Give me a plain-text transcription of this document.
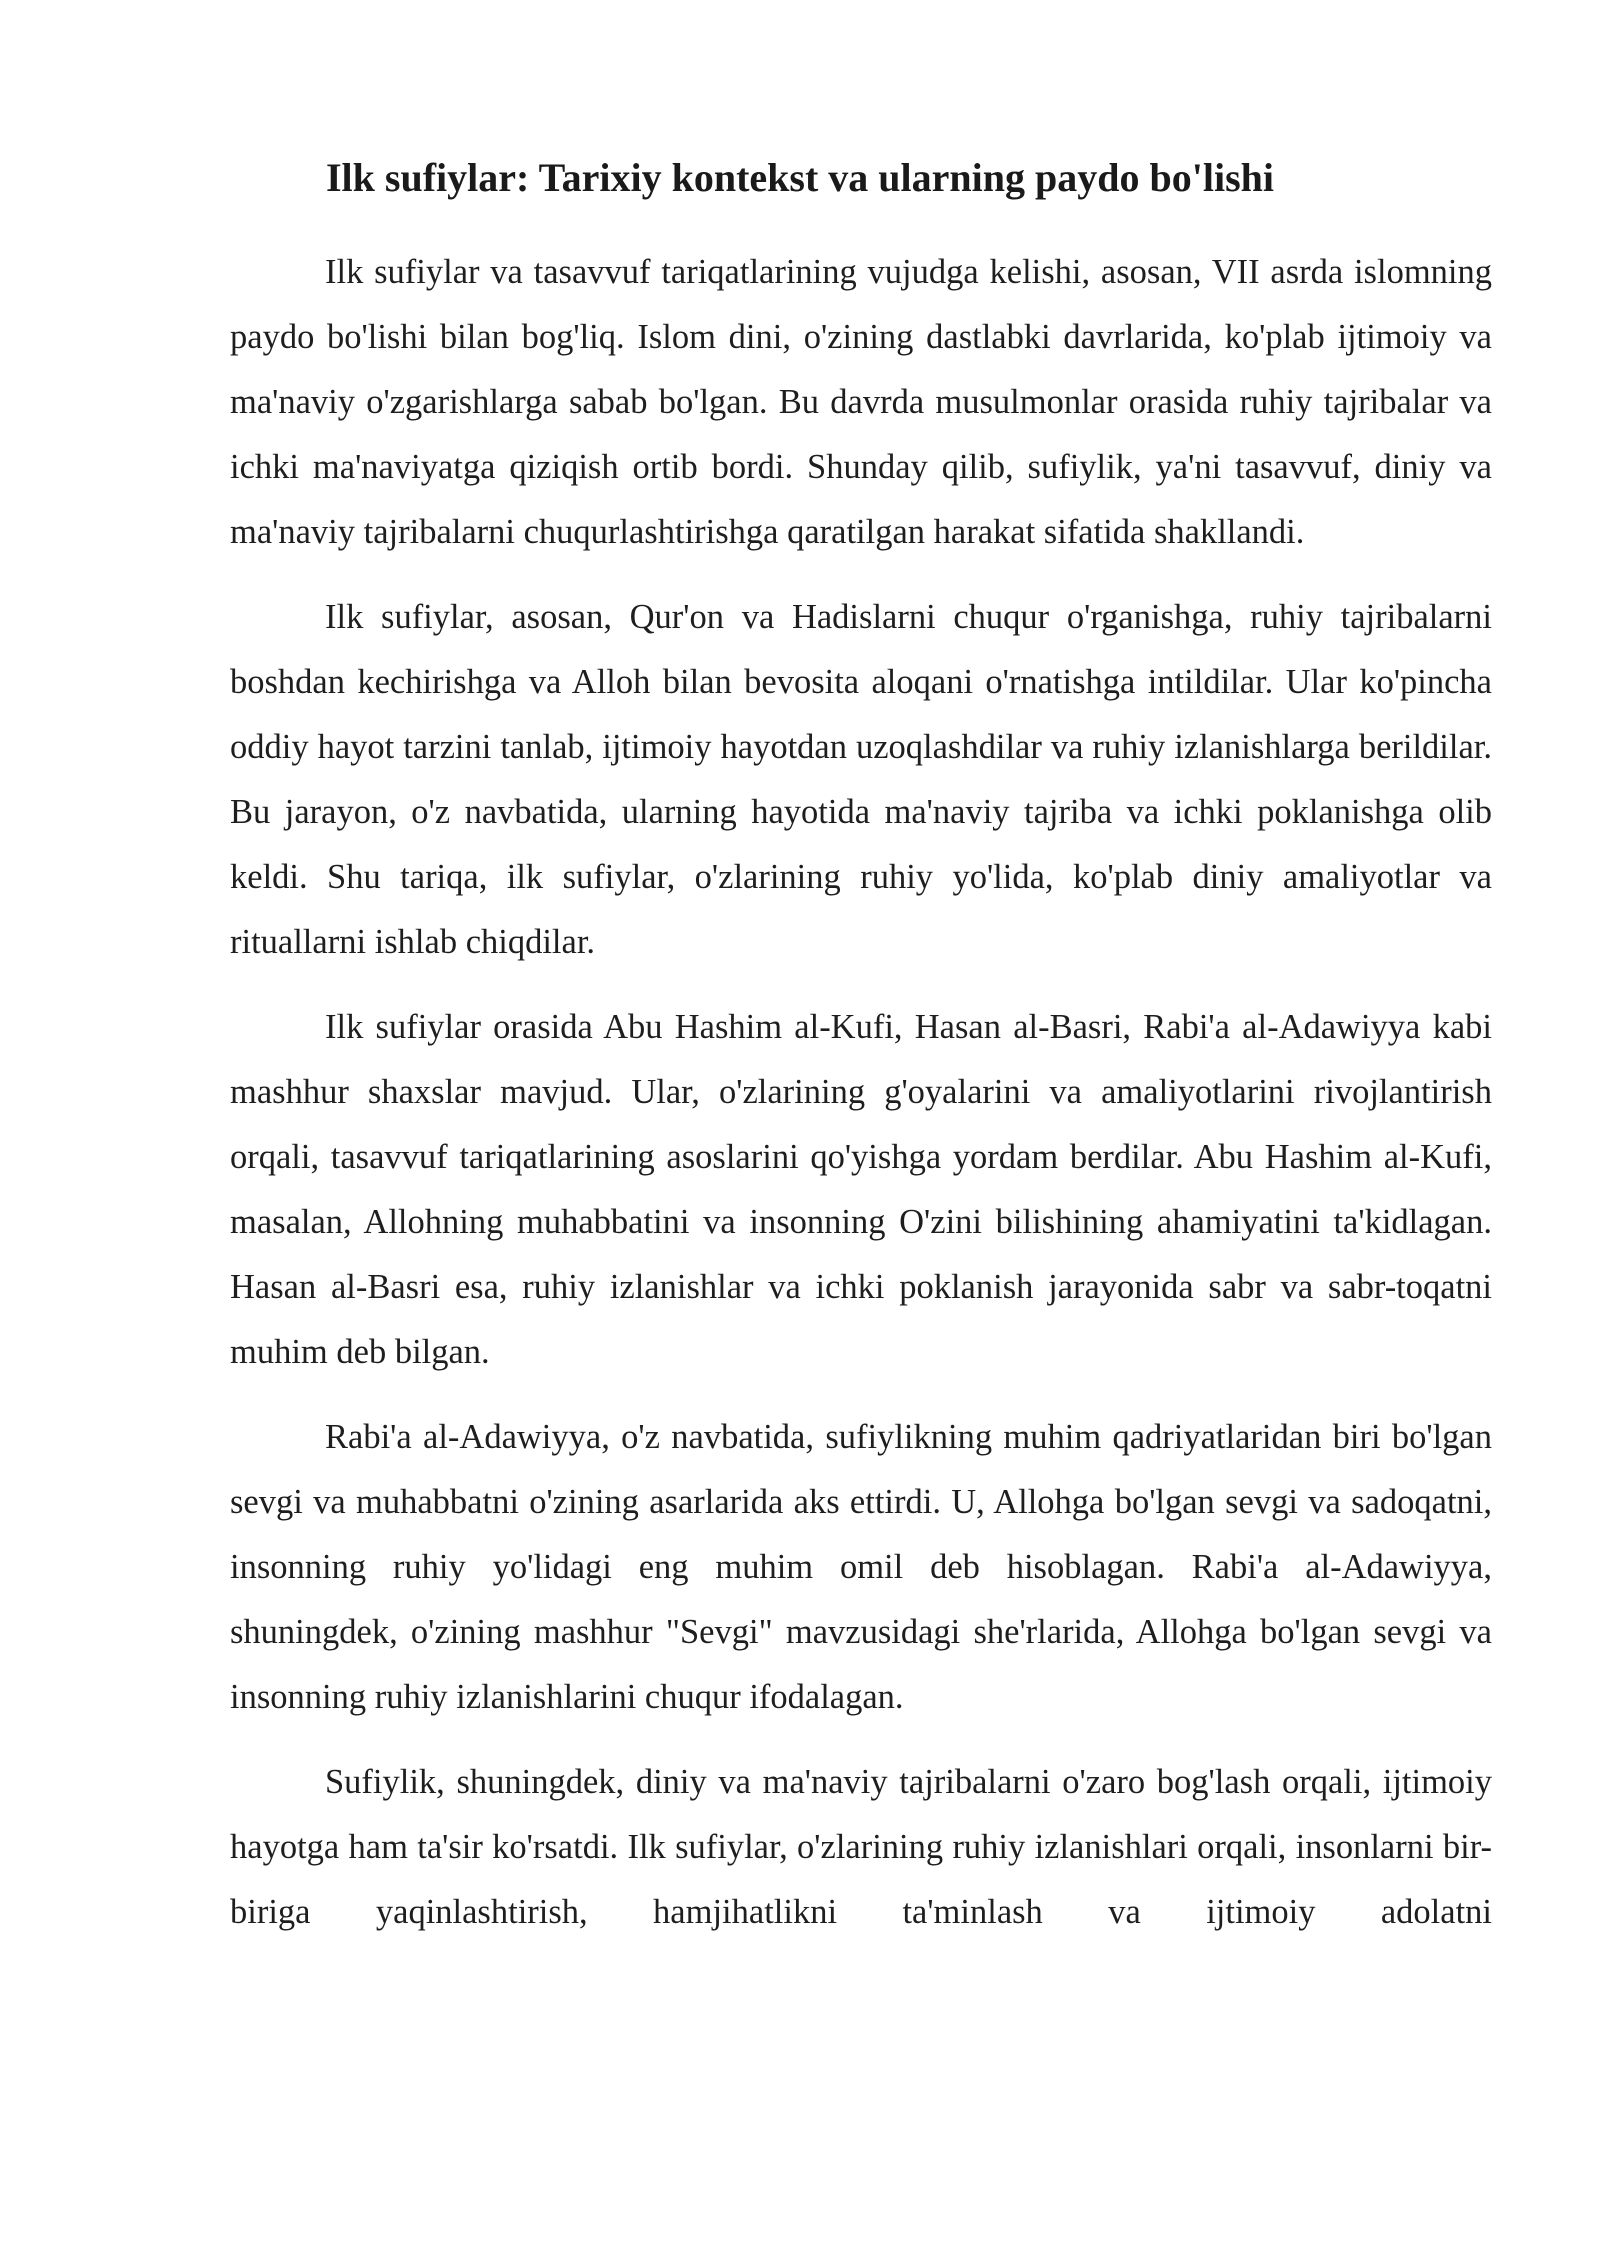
Ilk sufiylar: Tarixiy kontekst va ularning paydo bo'lishi

Ilk sufiylar va tasavvuf tariqatlarining vujudga kelishi, asosan, VII asrda islomning paydo bo'lishi bilan bog'liq. Islom dini, o'zining dastlabki davrlarida, ko'plab ijtimoiy va ma'naviy o'zgarishlarga sabab bo'lgan. Bu davrda musulmonlar orasida ruhiy tajribalar va ichki ma'naviyatga qiziqish ortib bordi. Shunday qilib, sufiylik, ya'ni tasavvuf, diniy va ma'naviy tajribalarni chuqurlashtirishga qaratilgan harakat sifatida shakllandi.

Ilk sufiylar, asosan, Qur'on va Hadislarni chuqur o'rganishga, ruhiy tajribalarni boshdan kechirishga va Alloh bilan bevosita aloqani o'rnatishga intildilar. Ular ko'pincha oddiy hayot tarzini tanlab, ijtimoiy hayotdan uzoqlashdilar va ruhiy izlanishlarga berildilar. Bu jarayon, o'z navbatida, ularning hayotida ma'naviy tajriba va ichki poklanishga olib keldi. Shu tariqa, ilk sufiylar, o'zlarining ruhiy yo'lida, ko'plab diniy amaliyotlar va rituallarni ishlab chiqdilar.

Ilk sufiylar orasida Abu Hashim al-Kufi, Hasan al-Basri, Rabi'a al-Adawiyya kabi mashhur shaxslar mavjud. Ular, o'zlarining g'oyalarini va amaliyotlarini rivojlantirish orqali, tasavvuf tariqatlarining asoslarini qo'yishga yordam berdilar. Abu Hashim al-Kufi, masalan, Allohning muhabbatini va insonning O'zini bilishining ahamiyatini ta'kidlagan. Hasan al-Basri esa, ruhiy izlanishlar va ichki poklanish jarayonida sabr va sabr-toqatni muhim deb bilgan.

Rabi'a al-Adawiyya, o'z navbatida, sufiylikning muhim qadriyatlaridan biri bo'lgan sevgi va muhabbatni o'zining asarlarida aks ettirdi. U, Allohga bo'lgan sevgi va sadoqatni, insonning ruhiy yo'lidagi eng muhim omil deb hisoblagan. Rabi'a al-Adawiyya, shuningdek, o'zining mashhur "Sevgi" mavzusidagi she'rlarida, Allohga bo'lgan sevgi va insonning ruhiy izlanishlarini chuqur ifodalagan.

Sufiylik, shuningdek, diniy va ma'naviy tajribalarni o'zaro bog'lash orqali, ijtimoiy hayotga ham ta'sir ko'rsatdi. Ilk sufiylar, o'zlarining ruhiy izlanishlari orqali, insonlarni bir-biriga yaqinlashtirish, hamjihatlikni ta'minlash va ijtimoiy adolatni
